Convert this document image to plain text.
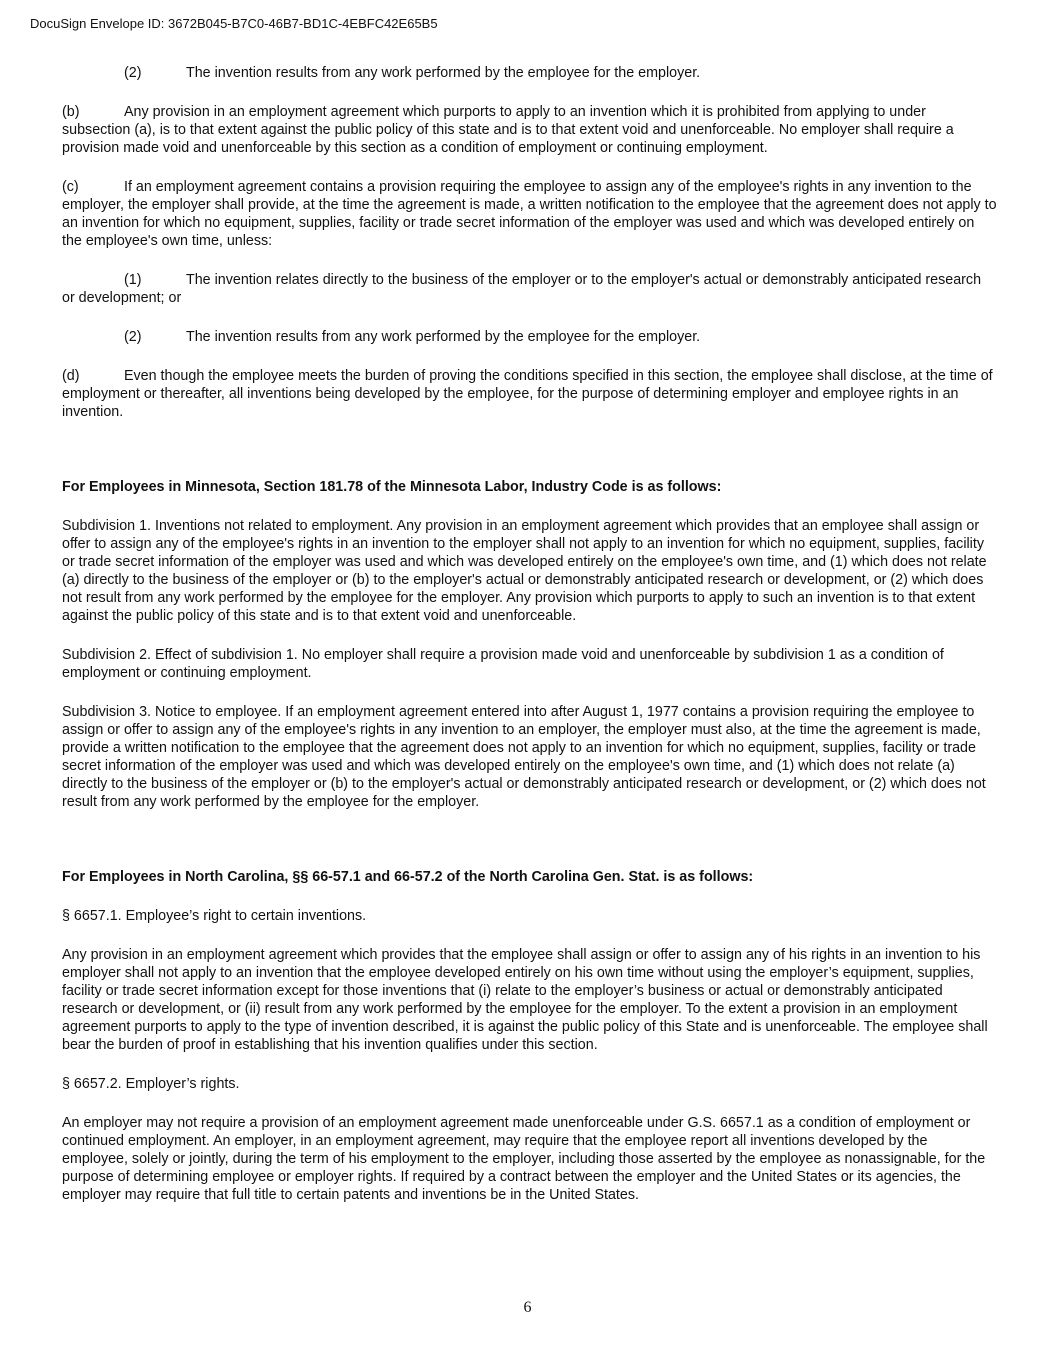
DocuSign Envelope ID: 3672B045-B7C0-46B7-BD1C-4EBFC42E65B5

(2)	The invention results from any work performed by the employee for the employer.

(b)	Any provision in an employment agreement which purports to apply to an invention which it is prohibited from applying to under subsection (a), is to that extent against the public policy of this state and is to that extent void and unenforceable. No employer shall require a provision made void and unenforceable by this section as a condition of employment or continuing employment.

(c)	If an employment agreement contains a provision requiring the employee to assign any of the employee's rights in any invention to the employer, the employer shall provide, at the time the agreement is made, a written notification to the employee that the agreement does not apply to an invention for which no equipment, supplies, facility or trade secret information of the employer was used and which was developed entirely on the employee's own time, unless:

(1)	The invention relates directly to the business of the employer or to the employer's actual or demonstrably anticipated research or development; or

(2)	The invention results from any work performed by the employee for the employer.

(d)	Even though the employee meets the burden of proving the conditions specified in this section, the employee shall disclose, at the time of employment or thereafter, all inventions being developed by the employee, for the purpose of determining employer and employee rights in an invention.

For Employees in Minnesota, Section 181.78 of the Minnesota Labor, Industry Code is as follows:

Subdivision 1. Inventions not related to employment. Any provision in an employment agreement which provides that an employee shall assign or offer to assign any of the employee's rights in an invention to the employer shall not apply to an invention for which no equipment, supplies, facility or trade secret information of the employer was used and which was developed entirely on the employee's own time, and (1) which does not relate (a) directly to the business of the employer or (b) to the employer's actual or demonstrably anticipated research or development, or (2) which does not result from any work performed by the employee for the employer. Any provision which purports to apply to such an invention is to that extent against the public policy of this state and is to that extent void and unenforceable.

Subdivision 2. Effect of subdivision 1. No employer shall require a provision made void and unenforceable by subdivision 1 as a condition of employment or continuing employment.

Subdivision 3. Notice to employee. If an employment agreement entered into after August 1, 1977 contains a provision requiring the employee to assign or offer to assign any of the employee's rights in any invention to an employer, the employer must also, at the time the agreement is made, provide a written notification to the employee that the agreement does not apply to an invention for which no equipment, supplies, facility or trade secret information of the employer was used and which was developed entirely on the employee's own time, and (1) which does not relate (a) directly to the business of the employer or (b) to the employer's actual or demonstrably anticipated research or development, or (2) which does not result from any work performed by the employee for the employer.

For Employees in North Carolina, §§ 66-57.1 and 66-57.2 of the North Carolina Gen. Stat. is as follows:

§ 6657.1. Employee’s right to certain inventions.

Any provision in an employment agreement which provides that the employee shall assign or offer to assign any of his rights in an invention to his employer shall not apply to an invention that the employee developed entirely on his own time without using the employer’s equipment, supplies, facility or trade secret information except for those inventions that (i) relate to the employer’s business or actual or demonstrably anticipated research or development, or (ii) result from any work performed by the employee for the employer. To the extent a provision in an employment agreement purports to apply to the type of invention described, it is against the public policy of this State and is unenforceable. The employee shall bear the burden of proof in establishing that his invention qualifies under this section.

§ 6657.2. Employer’s rights.

An employer may not require a provision of an employment agreement made unenforceable under G.S. 6657.1 as a condition of employment or continued employment. An employer, in an employment agreement, may require that the employee report all inventions developed by the employee, solely or jointly, during the term of his employment to the employer, including those asserted by the employee as nonassignable, for the purpose of determining employee or employer rights. If required by a contract between the employer and the United States or its agencies, the employer may require that full title to certain patents and inventions be in the United States.

6
